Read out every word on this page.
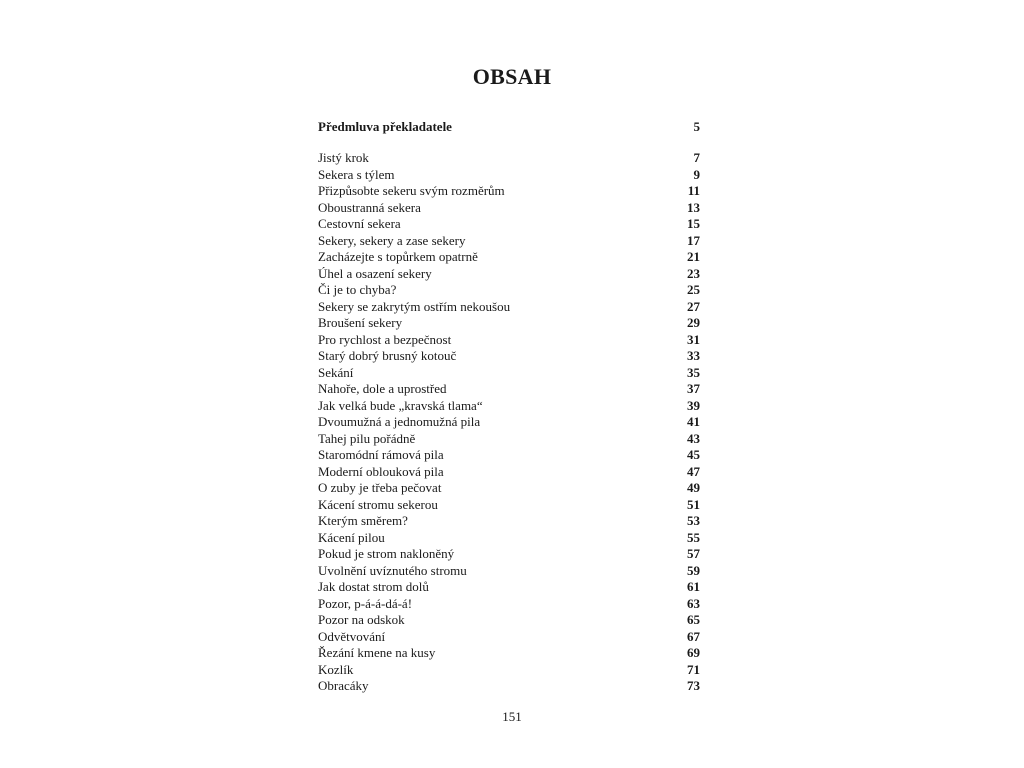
OBSAH
Předmluva překladatele	5
Jistý krok	7
Sekera s týlem	9
Přizpůsobte sekeru svým rozměrům	11
Oboustranná sekera	13
Cestovní sekera	15
Sekery, sekery a zase sekery	17
Zacházejte s topůrkem opatrně	21
Úhel a osazení sekery	23
Či je to chyba?	25
Sekery se zakrytým ostřím nekoušou	27
Broušení sekery	29
Pro rychlost a bezpečnost	31
Starý dobrý brusný kotouč	33
Sekání	35
Nahoře, dole a uprostřed	37
Jak velká bude „kravská tlama“	39
Dvoumužná a jednomužná pila	41
Tahej pilu pořádně	43
Staromódní rámová pila	45
Moderní oblouková pila	47
O zuby je třeba pečovat	49
Kácení stromu sekerou	51
Kterým směrem?	53
Kácení pilou	55
Pokud je strom nakloněný	57
Uvolnění uvíznutého stromu	59
Jak dostat strom dolů	61
Pozor, p-á-á-dá-á!	63
Pozor na odskok	65
Odvětvování	67
Řezání kmene na kusy	69
Kozlík	71
Obracáky	73
151
